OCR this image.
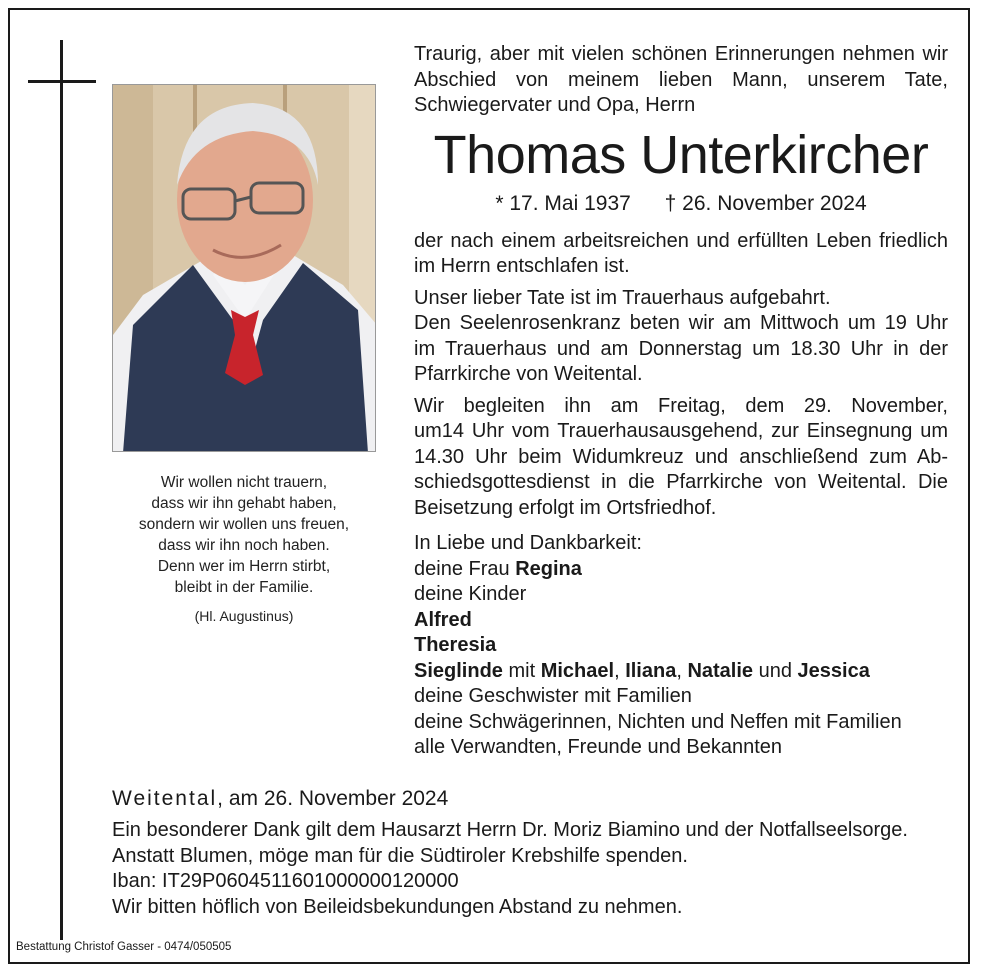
Wir wollen nicht trauern,
dass wir ihn gehabt haben,
sondern wir wollen uns freuen,
dass wir ihn noch haben.
Denn wer im Herrn stirbt,
bleibt in der Familie.
(Hl. Augustinus)
Traurig, aber mit vielen schönen Erinnerungen nehmen wir
Abschied von meinem lieben Mann, unserem Tate,
Schwiegervater und Opa, Herrn
Thomas Unterkircher
* 17. Mai 1937 † 26. November 2024
der nach einem arbeitsreichen und erfüllten Leben friedlich
im Herrn entschlafen ist.
Unser lieber Tate ist im Trauerhaus aufgebahrt.
Den Seelenrosenkranz beten wir am Mittwoch um 19 Uhr
im Trauerhaus und am Donnerstag um 18.30 Uhr in der
Pfarrkirche von Weitental.
Wir begleiten ihn am Freitag, dem 29. November,
um14 Uhr vom Trauerhausausgehend, zur Einsegnung um
14.30 Uhr beim Widumkreuz und anschließend zum Ab-
schiedsgottesdienst in die Pfarrkirche von Weitental. Die
Beisetzung erfolgt im Ortsfriedhof.
In Liebe und Dankbarkeit:
deine Frau Regina
deine Kinder
Alfred
Theresia
Sieglinde mit Michael, Iliana, Natalie und Jessica
deine Geschwister mit Familien
deine Schwägerinnen, Nichten und Neffen mit Familien
alle Verwandten, Freunde und Bekannten
Weitental, am 26. November 2024
Ein besonderer Dank gilt dem Hausarzt Herrn Dr. Moriz Biamino und der Notfallseelsorge.
Anstatt Blumen, möge man für die Südtiroler Krebshilfe spenden.
Iban: IT29P0604511601000000120000
Wir bitten höflich von Beileidsbekundungen Abstand zu nehmen.
Bestattung Christof Gasser - 0474/050505
